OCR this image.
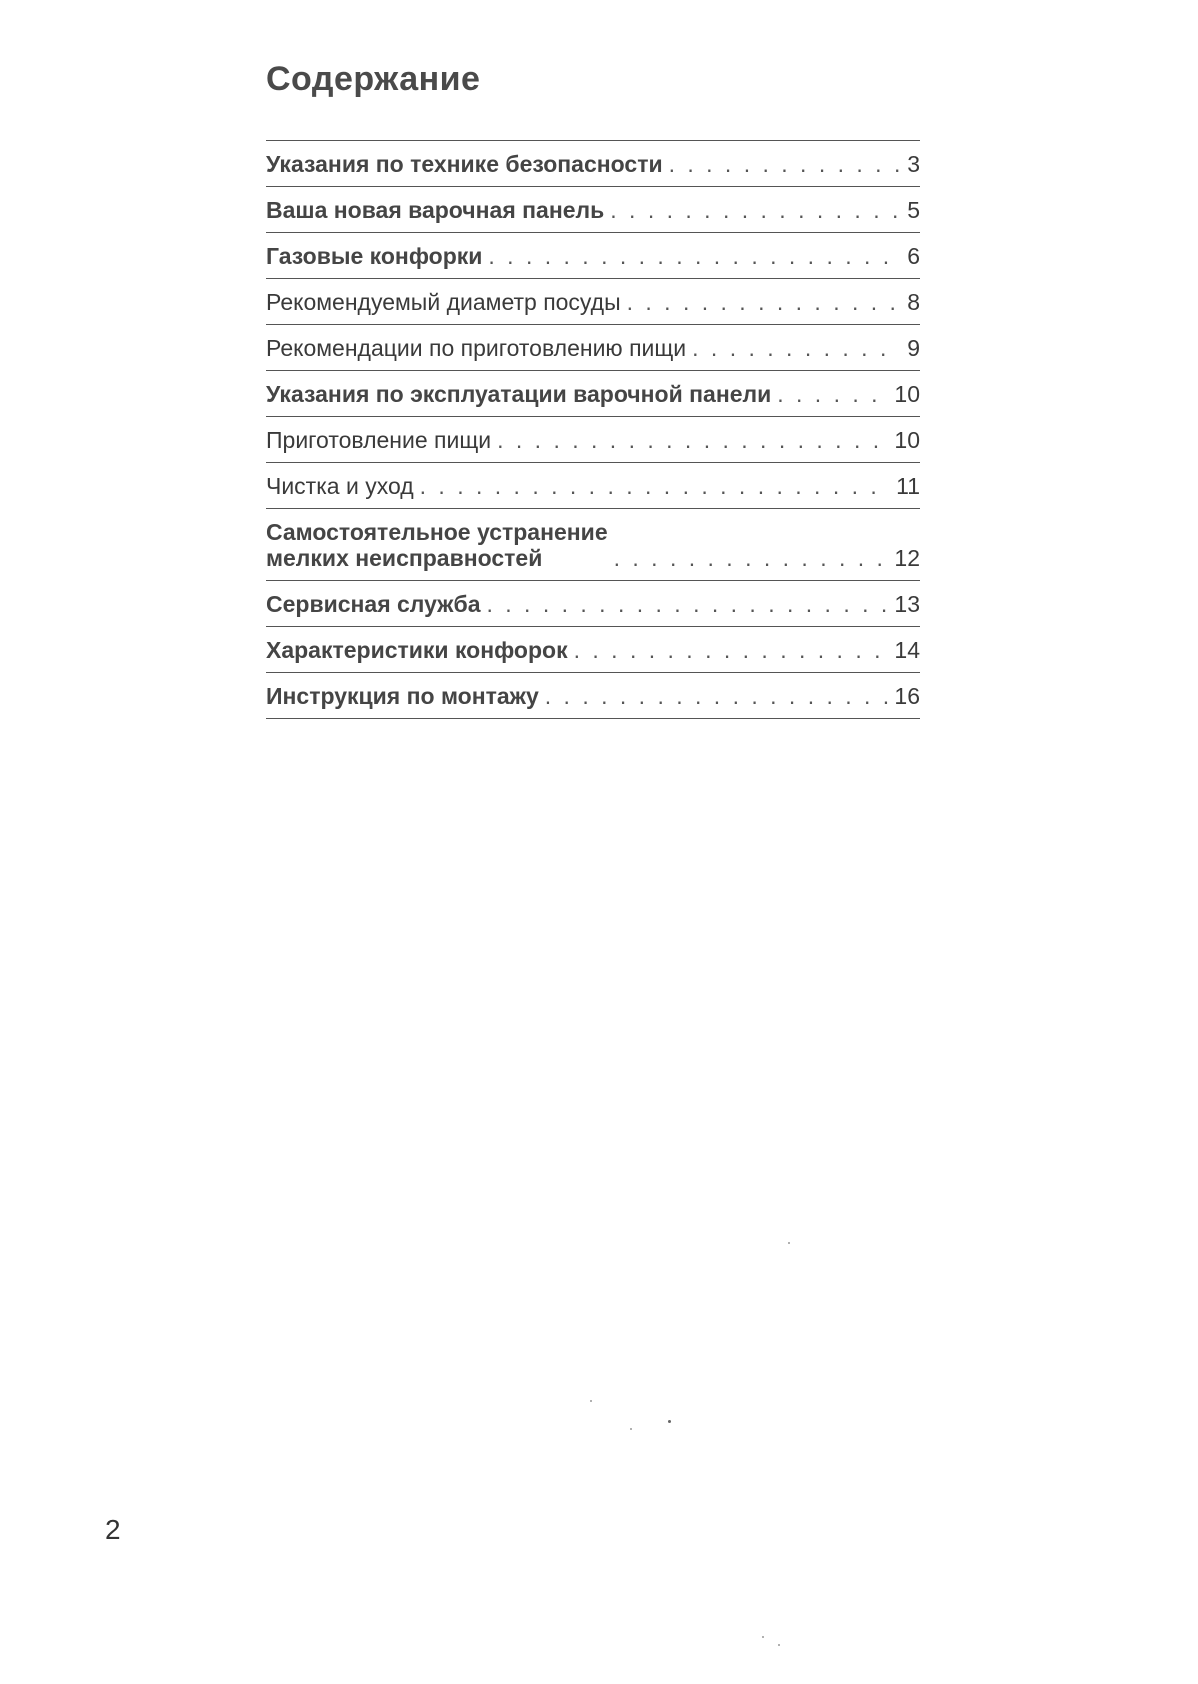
Содержание
Указания по технике безопасности . . .	3
Ваша новая варочная панель . . .	5
Газовые конфорки . . .	6
Рекомендуемый диаметр посуды . . .	8
Рекомендации по приготовлению пищи . . .	9
Указания по эксплуатации варочной панели . . .	10
Приготовление пищи . . .	10
Чистка и уход . . .	11
Самостоятельное устранение
мелких неисправностей . . .	12
Сервисная служба . . .	13
Характеристики конфорок . . .	14
Инструкция по монтажу . . .	16
2
